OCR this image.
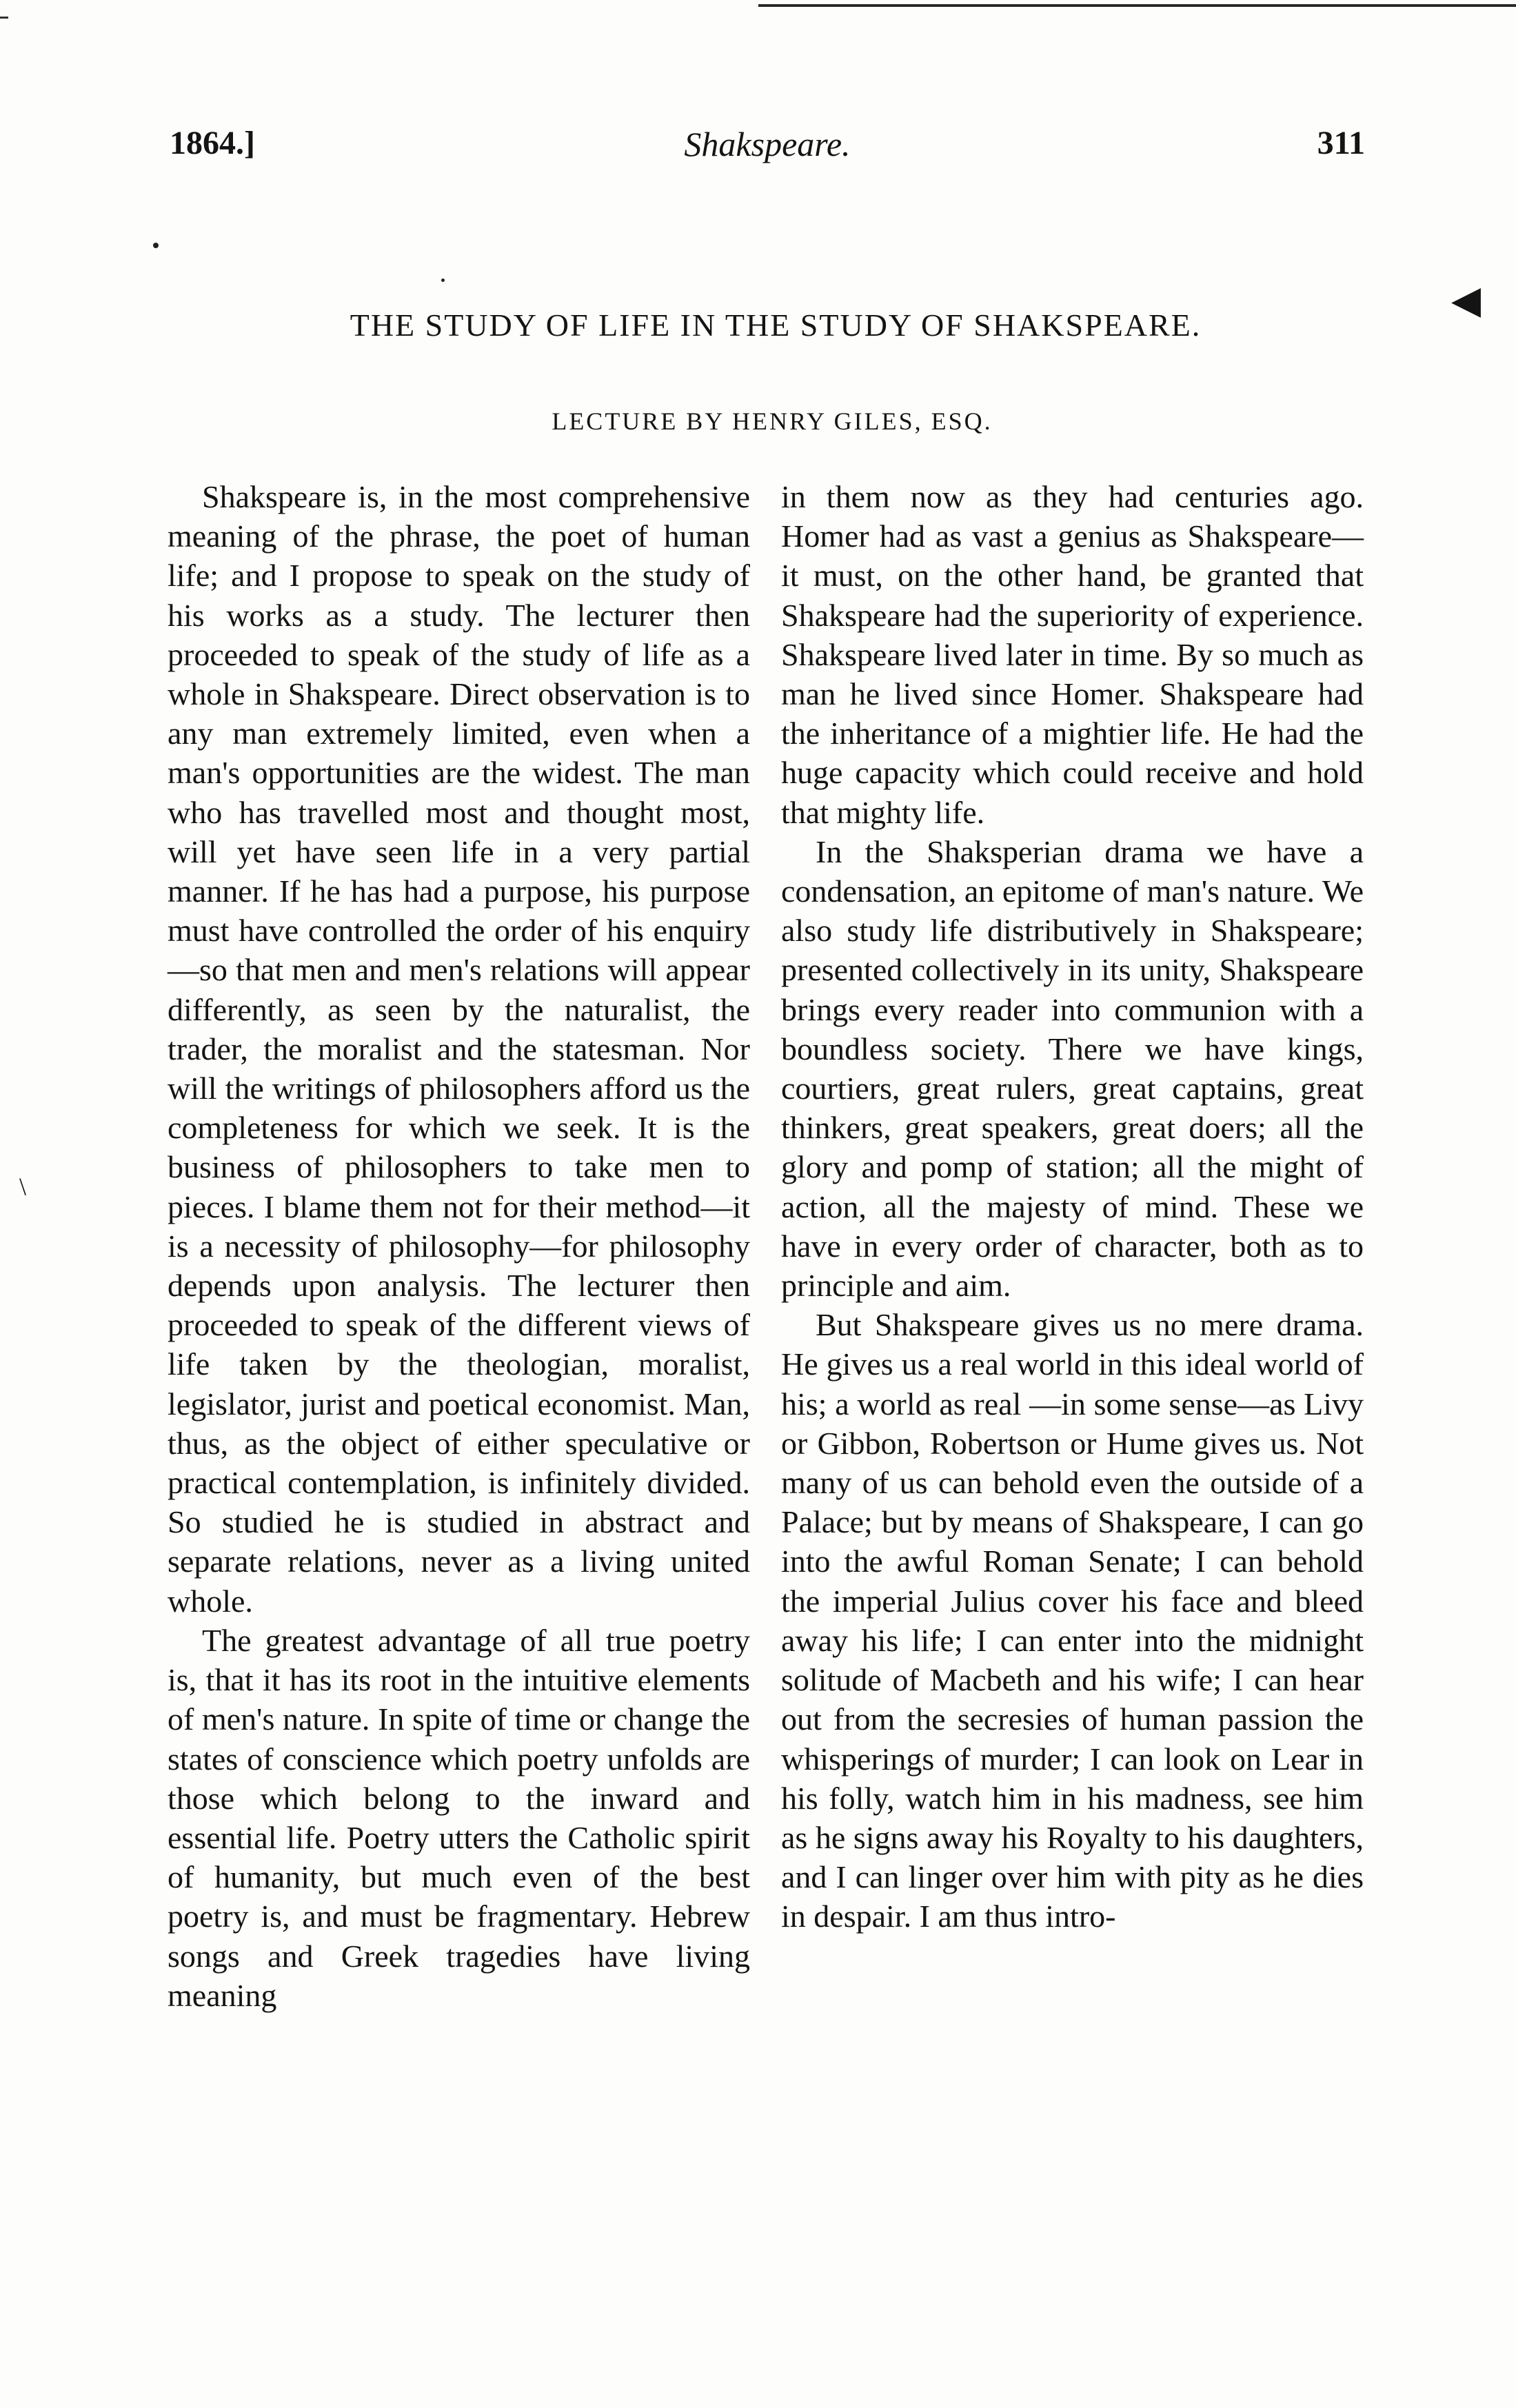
Shakspeare.
1864.]	311
◀
\
THE STUDY OF LIFE IN THE STUDY OF SHAKSPEARE.
LECTURE BY HENRY GILES, ESQ.

Shakspeare is, in the most comprehensive meaning of the phrase, the poet of human life; and I propose to speak on the study of his works as a study. The lecturer then proceeded to speak of the study of life as a whole in Shakspeare. Direct observation is to any man extremely limited, even when a man's opportunities are the widest. The man who has travelled most and thought most, will yet have seen life in a very partial manner. If he has had a purpose, his purpose must have controlled the order of his enquiry—so that men and men's relations will appear differently, as seen by the naturalist, the trader, the moralist and the statesman. Nor will the writings of philosophers afford us the completeness for which we seek. It is the business of philosophers to take men to pieces. I blame them not for their method—it is a necessity of philosophy—for philosophy depends upon analysis. The lecturer then proceeded to speak of the different views of life taken by the theologian, moralist, legislator, jurist and poetical economist. Man, thus, as the object of either speculative or practical contemplation, is infinitely divided. So studied he is studied in abstract and separate relations, never as a living united whole.

The greatest advantage of all true poetry is, that it has its root in the intuitive elements of men's nature. In spite of time or change the states of conscience which poetry unfolds are those which belong to the inward and essential life. Poetry utters the Catholic spirit of humanity, but much even of the best poetry is, and must be fragmentary. Hebrew songs and Greek tragedies have living meaning

in them now as they had centuries ago. Homer had as vast a genius as Shakspeare—it must, on the other hand, be granted that Shakspeare had the superiority of experience. Shakspeare lived later in time. By so much as man he lived since Homer. Shakspeare had the inheritance of a mightier life. He had the huge capacity which could receive and hold that mighty life.

In the Shaksperian drama we have a condensation, an epitome of man's nature. We also study life distributively in Shakspeare; presented collectively in its unity, Shakspeare brings every reader into communion with a boundless society. There we have kings, courtiers, great rulers, great captains, great thinkers, great speakers, great doers; all the glory and pomp of station; all the might of action, all the majesty of mind. These we have in every order of character, both as to principle and aim.

But Shakspeare gives us no mere drama. He gives us a real world in this ideal world of his; a world as real —in some sense—as Livy or Gibbon, Robertson or Hume gives us. Not many of us can behold even the outside of a Palace; but by means of Shakspeare, I can go into the awful Roman Senate; I can behold the imperial Julius cover his face and bleed away his life; I can enter into the midnight solitude of Macbeth and his wife; I can hear out from the secresies of human passion the whisperings of murder; I can look on Lear in his folly, watch him in his madness, see him as he signs away his Royalty to his daughters, and I can linger over him with pity as he dies in despair. I am thus intro-
